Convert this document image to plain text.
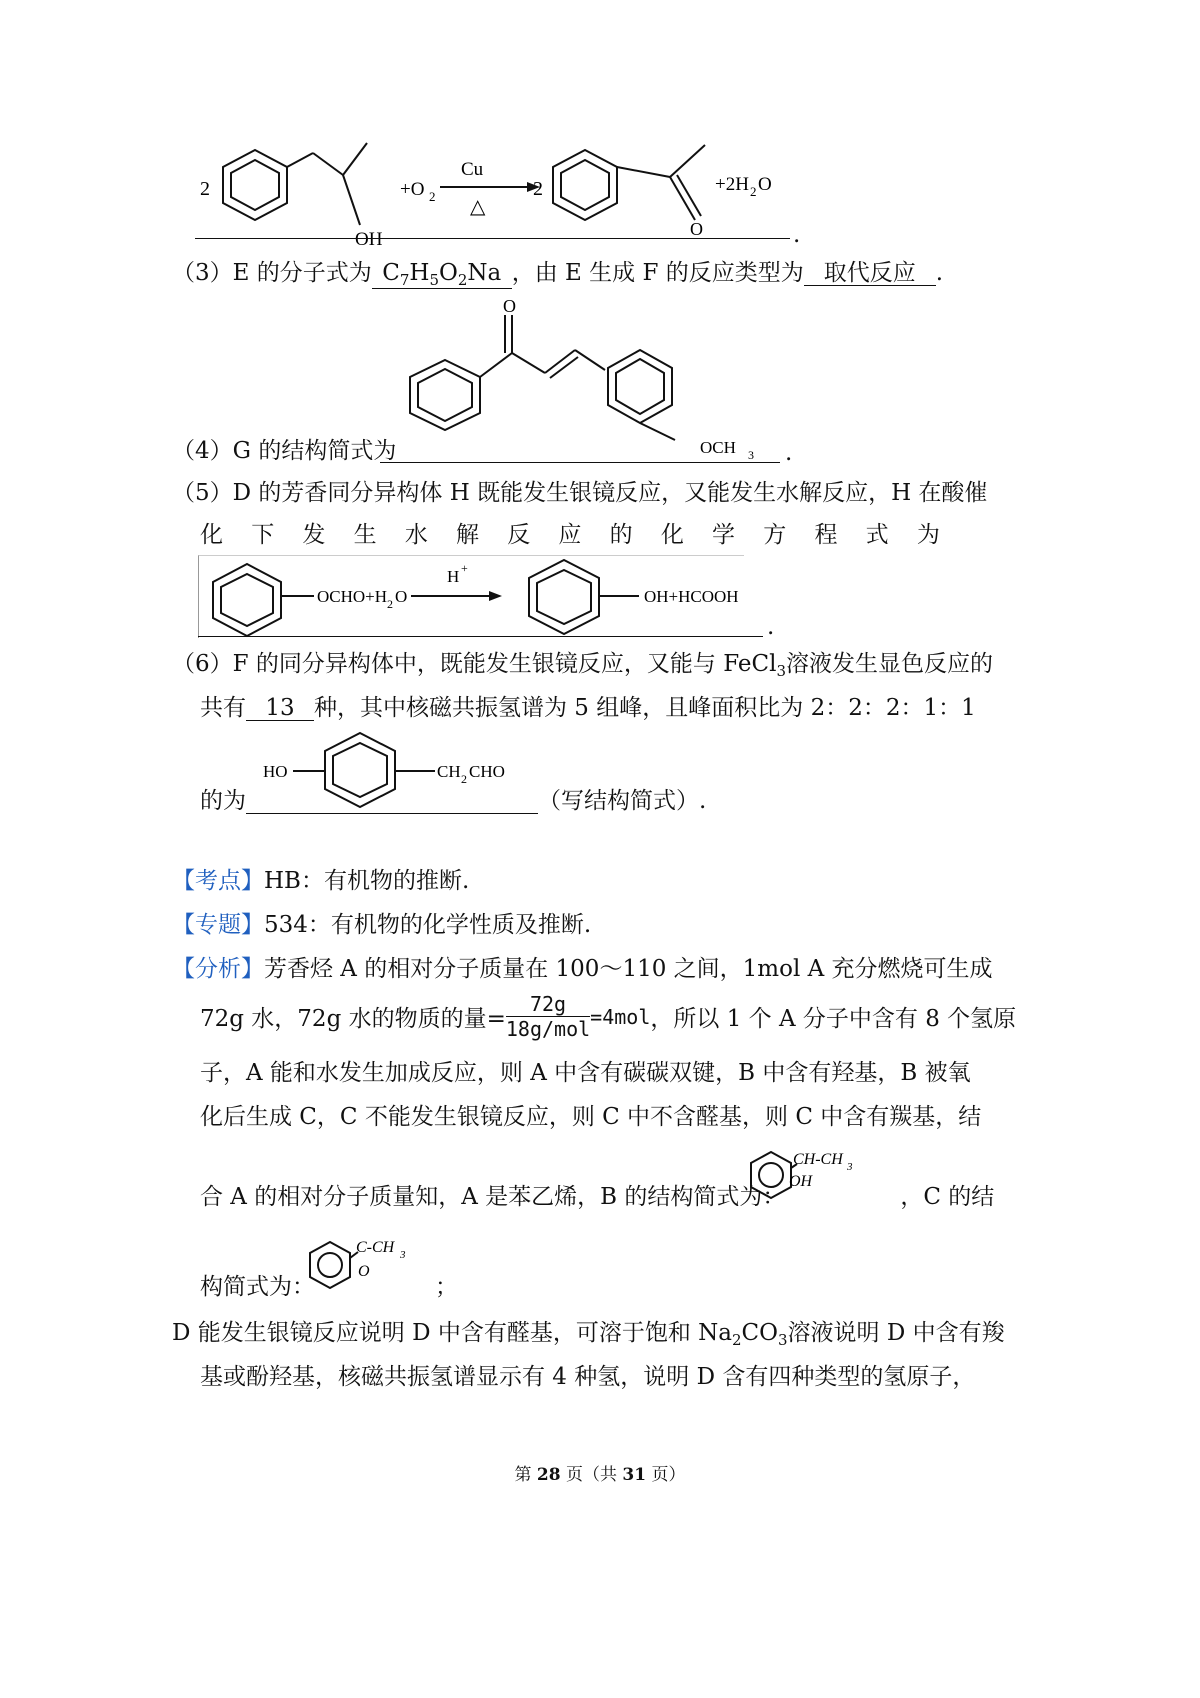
2
OH
+O 2
Cu
△
2
O
+2H 2 O
.
（3）E 的分子式为 $C_7H_5O_2Na$ ，由 E 生成 F 的反应类型为 取代反应 .
O
OCH 3
（4）G 的结构简式为	.
（5）D 的芳香同分异构体 H 既能发生银镜反应，又能发生水解反应，H 在酸催
化 下 发 生 水 解 反 应 的 化 学 方 程 式 为
OCHO+H 2 O
H +
OH+HCOOH
.
（6）F 的同分异构体中，既能发生银镜反应，又能与 FeCl$_3$溶液发生显色反应的
共有 13 种，其中核磁共振氢谱为 5 组峰，且峰面积比为 2：2：2：1：1
HO	CH 2 CHO
的为	（写结构简式）.
【考点】HB：有机物的推断.
【专题】534：有机物的化学性质及推断.
【分析】芳香烃 A 的相对分子质量在 100～110 之间，1mol A 充分燃烧可生成
72g 水，72g 水的物质的量= $\frac{72g}{\text{18g/mol}} =4mol$ ，所以 1 个 A 分子中含有 8 个氢原
子，A 能和水发生加成反应，则 A 中含有碳碳双键，B 中含有羟基，B 被氧
化后生成 C，C 不能发生银镜反应，则 C 中不含醛基，则 C 中含有羰基，结
合 A 的相对分子质量知，A 是苯乙烯，B 的结构简式为：	，C 的结
CH-CH 3
OH
构简式为：	；
C-CH 3
O
D 能发生银镜反应说明 D 中含有醛基，可溶于饱和 $Na_2CO_3$溶液说明 D 中含有羧
基或酚羟基，核磁共振氢谱显示有 4 种氢，说明 D 含有四种类型的氢原子，
第 28 页（共 31 页）
